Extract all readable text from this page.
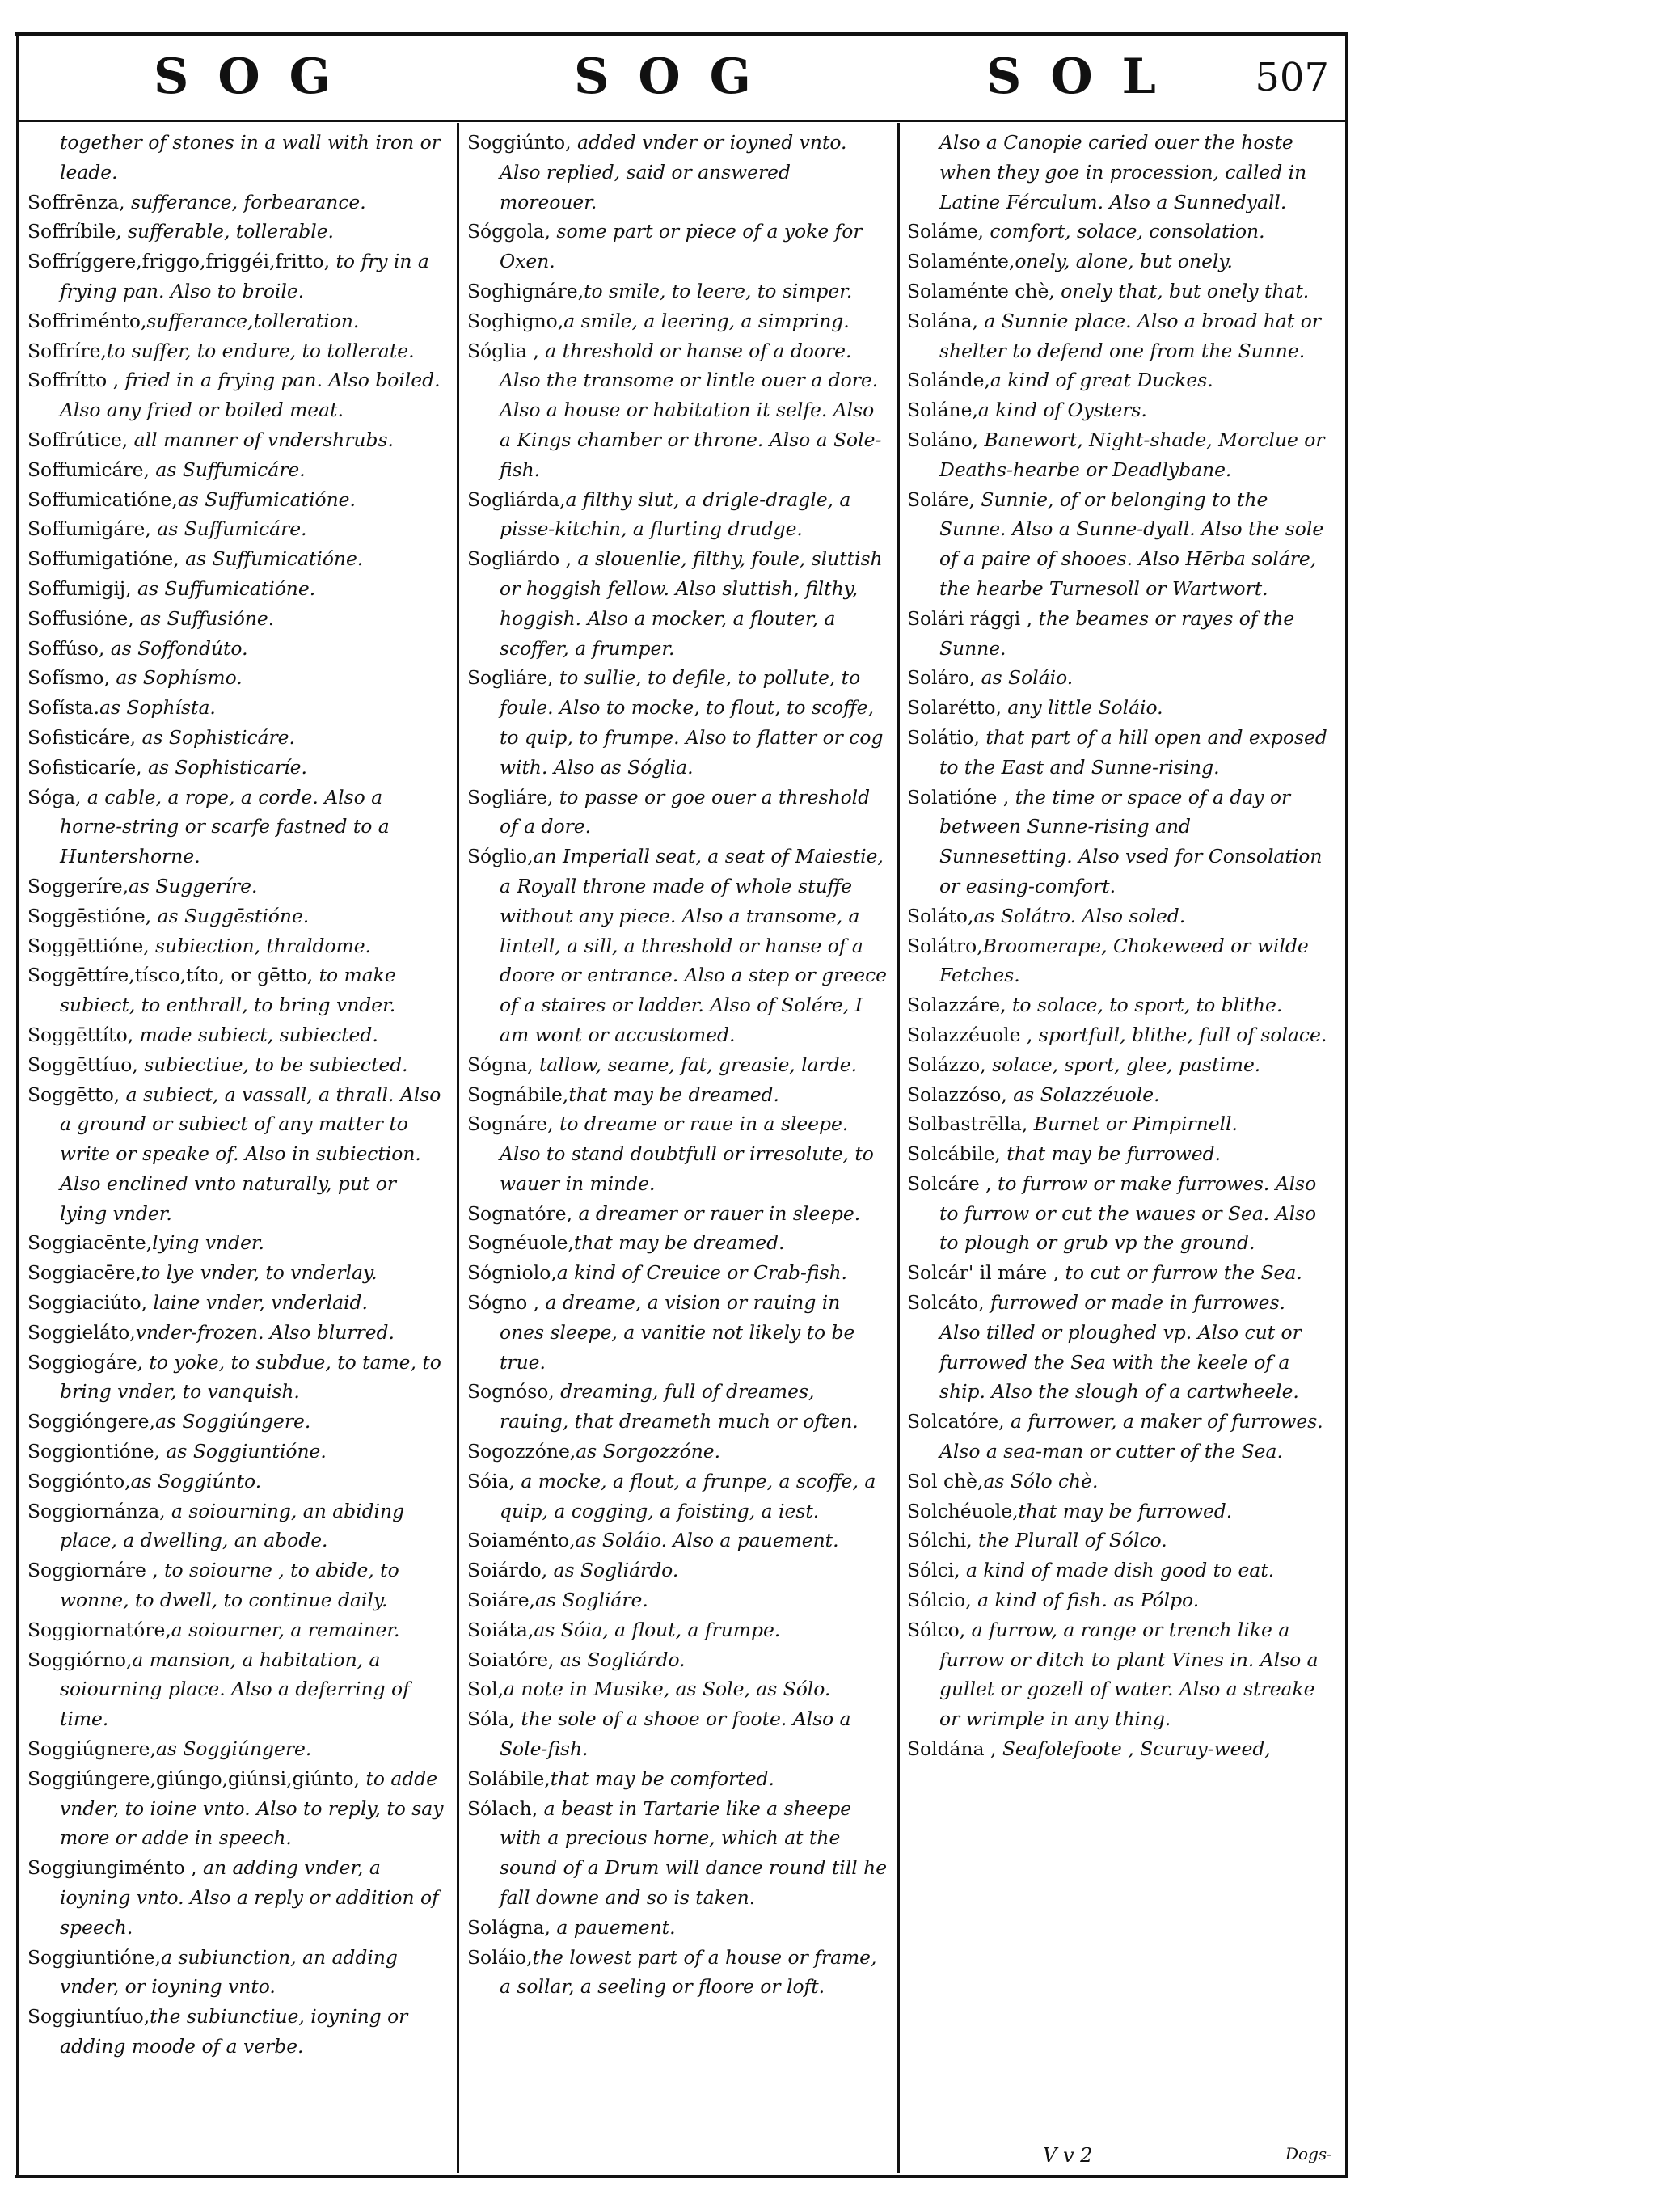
SOG	SOG	SOL 507
together of stones in a wall with iron or leade.
Soffrēnza, sufferance, forbearance.
Soffríbile, sufferable, tollerable.
Soffríggere,friggo,friggéi,fritto, to fry in a frying pan. Also to broile.
Soffriménto,sufferance,tolleration.
Soffríre,to suffer, to endure, to tollerate.
Soffrítto , fried in a frying pan. Also boiled. Also any fried or boiled meat.
Soffrútice, all manner of vndershrubs.
Soffumicáre, as Suffumicáre.
Soffumicatióne,as Suffumicatióne.
Soffumigáre, as Suffumicáre.
Soffumigatióne, as Suffumicatióne.
Soffumigij, as Suffumicatióne.
Soffusióne, as Suffusióne.
Soffúso, as Soffondúto.
Sofísmo, as Sophísmo.
Sofísta.as Sophísta.
Sofisticáre, as Sophisticáre.
Sofisticaríe, as Sophisticaríe.
Sóga, a cable, a rope, a corde. Also a horne-string or scarfe fastned to a Huntershorne.
Soggeríre,as Suggeríre.
Soggēstióne, as Suggēstióne.
Soggēttióne, subiection, thraldome.
Soggēttíre,tísco,títo, or gētto, to make subiect, to enthrall, to bring vnder.
Soggēttíto, made subiect, subiected.
Soggēttíuo, subiectiue, to be subiected.
Soggētto, a subiect, a vassall, a thrall. Also a ground or subiect of any matter to write or speake of. Also in subiection. Also enclined vnto naturally, put or lying vnder.
Soggiacēnte,lying vnder.
Soggiacēre,to lye vnder, to vnderlay.
Soggiaciúto, laine vnder, vnderlaid.
Soggieláto,vnder-frozen. Also blurred.
Soggiogáre, to yoke, to subdue, to tame, to bring vnder, to vanquish.
Soggióngere,as Soggiúngere.
Soggiontióne, as Soggiuntióne.
Soggiónto,as Soggiúnto.
Soggiornánza, a soiourning, an abiding place, a dwelling, an abode.
Soggiornáre , to soiourne , to abide, to wonne, to dwell, to continue daily.
Soggiornatóre,a soiourner, a remainer.
Soggiórno,a mansion, a habitation, a soiourning place. Also a deferring of time.
Soggiúgnere,as Soggiúngere.
Soggiúngere,giúngo,giúnsi,giúnto, to adde vnder, to ioine vnto. Also to reply, to say more or adde in speech.
Soggiungiménto , an adding vnder, a ioyning vnto. Also a reply or addition of speech.
Soggiuntióne,a subiunction, an adding vnder, or ioyning vnto.
Soggiuntíuo,the subiunctiue, ioyning or adding moode of a verbe.
Soggiúnto, added vnder or ioyned vnto. Also replied, said or answered moreouer.
Sóggola, some part or piece of a yoke for Oxen.
Soghignáre,to smile, to leere, to simper.
Soghigno,a smile, a leering, a simpring.
Sóglia , a threshold or hanse of a doore. Also the transome or lintle ouer a dore. Also a house or habitation it selfe. Also a Kings chamber or throne. Also a Sole-fish.
Sogliárda,a filthy slut, a drigle-dragle, a pisse-kitchin, a flurting drudge.
Sogliárdo , a slouenlie, filthy, foule, sluttish or hoggish fellow. Also sluttish, filthy, hoggish. Also a mocker, a flouter, a scoffer, a frumper.
Sogliáre, to sullie, to defile, to pollute, to foule. Also to mocke, to flout, to scoffe, to quip, to frumpe. Also to flatter or cog with. Also as Sóglia.
Sogliáre, to passe or goe ouer a threshold of a dore.
Sóglio,an Imperiall seat, a seat of Maiestie, a Royall throne made of whole stuffe without any piece. Also a transome, a lintell, a sill, a threshold or hanse of a doore or entrance. Also a step or greece of a staires or ladder. Also of Solére, I am wont or accustomed.
Sógna, tallow, seame, fat, greasie, larde.
Sognábile,that may be dreamed.
Sognáre, to dreame or raue in a sleepe. Also to stand doubtfull or irresolute, to wauer in minde.
Sognatóre, a dreamer or rauer in sleepe.
Sognéuole,that may be dreamed.
Sógniolo,a kind of Creuice or Crab-fish.
Sógno , a dreame, a vision or rauing in ones sleepe, a vanitie not likely to be true.
Sognóso, dreaming, full of dreames, rauing, that dreameth much or often.
Sogozzóne,as Sorgozzóne.
Sóia, a mocke, a flout, a frunpe, a scoffe, a quip, a cogging, a foisting, a iest.
Soiaménto,as Soláio. Also a pauement.
Soiárdo, as Sogliárdo.
Soiáre,as Sogliáre.
Soiáta,as Sóia, a flout, a frumpe.
Soiatóre, as Sogliárdo.
Sol,a note in Musike, as Sole, as Sólo.
Sóla, the sole of a shooe or foote. Also a Sole-fish.
Solábile,that may be comforted.
Sólach, a beast in Tartarie like a sheepe with a precious horne, which at the sound of a Drum will dance round till he fall downe and so is taken.
Solágna, a pauement.
Soláio,the lowest part of a house or frame, a sollar, a seeling or floore or loft.
Also a Canopie caried ouer the hoste when they goe in procession, called in Latine Férculum. Also a Sunnedyall.
Soláme, comfort, solace, consolation.
Solaménte,onely, alone, but onely.
Solaménte chè, onely that, but onely that.
Solána, a Sunnie place. Also a broad hat or shelter to defend one from the Sunne.
Solánde,a kind of great Duckes.
Soláne,a kind of Oysters.
Soláno, Banewort, Night-shade, Morclue or Deaths-hearbe or Deadlybane.
Soláre, Sunnie, of or belonging to the Sunne. Also a Sunne-dyall. Also the sole of a paire of shooes. Also Hērba soláre, the hearbe Turnesoll or Wartwort.
Solári rággi , the beames or rayes of the Sunne.
Soláro, as Soláio.
Solarétto, any little Soláio.
Solátio, that part of a hill open and exposed to the East and Sunne-rising.
Solatióne , the time or space of a day or between Sunne-rising and Sunnesetting. Also vsed for Consolation or easing-comfort.
Soláto,as Solátro. Also soled.
Solátro,Broomerape, Chokeweed or wilde Fetches.
Solazzáre, to solace, to sport, to blithe.
Solazzéuole , sportfull, blithe, full of solace.
Solázzo, solace, sport, glee, pastime.
Solazzóso, as Solazzéuole.
Solbastrēlla, Burnet or Pimpirnell.
Solcábile, that may be furrowed.
Solcáre , to furrow or make furrowes. Also to furrow or cut the waues or Sea. Also to plough or grub vp the ground.
Solcár' il máre , to cut or furrow the Sea.
Solcáto, furrowed or made in furrowes. Also tilled or ploughed vp. Also cut or furrowed the Sea with the keele of a ship. Also the slough of a cartwheele.
Solcatóre, a furrower, a maker of furrowes. Also a sea-man or cutter of the Sea.
Sol chè,as Sólo chè.
Solchéuole,that may be furrowed.
Sólchi, the Plurall of Sólco.
Sólci, a kind of made dish good to eat.
Sólcio, a kind of fish. as Pólpo.
Sólco, a furrow, a range or trench like a furrow or ditch to plant Vines in. Also a gullet or gozell of water. Also a streake or wrimple in any thing.
Soldána , Seafolefoote , Scuruy-weed,
V v 2	Dogs-
